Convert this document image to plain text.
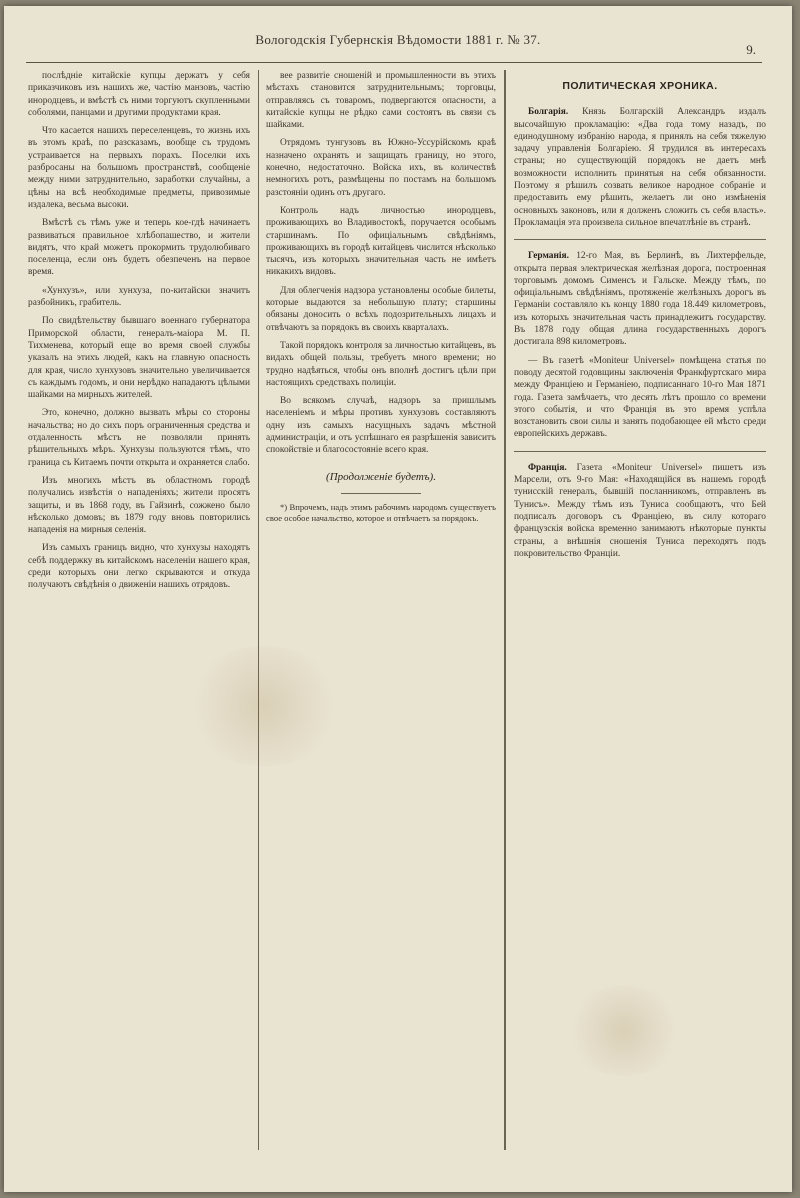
Вологодскія Губернскія Вѣдомости 1881 г. № 37.
9.

послѣдніе китайскіе купцы держатъ у себя приказчиковъ изъ нашихъ же, частію манзовъ, частію инородцевъ, и вмѣстѣ съ ними торгуютъ скупленными соболями, панцами и другими продуктами края.

Что касается нашихъ переселенцевъ, то жизнь ихъ въ этомъ краѣ, по разсказамъ, вообще съ трудомъ устраивается на первыхъ порахъ. Поселки ихъ разбросаны на большомъ пространствѣ, сообщеніе между ними затруднительно, заработки случайны, а цѣны на всѣ необходимые предметы, привозимые издалека, весьма высоки.

Вмѣстѣ съ тѣмъ уже и теперь кое-гдѣ начинаетъ развиваться правильное хлѣбопашество, и жители видятъ, что край можетъ прокормить трудолюбиваго поселенца, если онъ будетъ обезпеченъ на первое время.

«Хунхузъ», или хунхуза, по-китайски значитъ разбойникъ, грабитель.

По свидѣтельству бывшаго военнаго губернатора Приморской области, генералъ-маіора М. П. Тихменева, который еще во время своей службы указалъ на этихъ людей, какъ на главную опасность для края, число хунхузовъ значительно увеличивается съ каждымъ годомъ, и они нерѣдко нападаютъ цѣлыми шайками на мирныхъ жителей.

Это, конечно, должно вызвать мѣры со стороны начальства; но до сихъ поръ ограниченныя средства и отдаленность мѣстъ не позволяли принять рѣшительныхъ мѣръ. Хунхузы пользуются тѣмъ, что граница съ Китаемъ почти открыта и охраняется слабо.

Изъ многихъ мѣстъ въ областномъ городѣ получались извѣстія о нападеніяхъ; жители просятъ защиты, и въ 1868 году, въ Гайзинѣ, сожжено было нѣсколько домовъ; въ 1879 году вновь повторились нападенія на мирныя селенія.

Изъ самыхъ границъ видно, что хунхузы находятъ себѣ поддержку въ китайскомъ населеніи нашего края, среди которыхъ они легко скрываются и откуда получаютъ свѣдѣнія о движеніи нашихъ отрядовъ.

вее развитіе сношеній и промышленности въ этихъ мѣстахъ становится затруднительнымъ; торговцы, отправляясь съ товаромъ, подвергаются опасности, а китайскіе купцы не рѣдко сами состоятъ въ связи съ шайками.

Отрядомъ тунгузовъ въ Южно-Уссурійскомъ краѣ назначено охранять и защищать границу, но этого, конечно, недостаточно. Войска ихъ, въ количествѣ немногихъ ротъ, размѣщены по постамъ на большомъ разстояніи одинъ отъ другаго.

Контроль надъ личностью инородцевъ, проживающихъ во Владивостокѣ, поручается особымъ старшинамъ. По офиціальнымъ свѣдѣніямъ, проживающихъ въ городѣ китайцевъ числится нѣсколько тысячъ, изъ которыхъ значительная часть не имѣетъ никакихъ видовъ.

Для облегченія надзора установлены особые билеты, которые выдаются за небольшую плату; старшины обязаны доносить о всѣхъ подозрительныхъ лицахъ и отвѣчаютъ за порядокъ въ своихъ кварталахъ.

Такой порядокъ контроля за личностью китайцевъ, въ видахъ общей пользы, требуетъ много времени; но трудно надѣяться, чтобы онъ вполнѣ достигъ цѣли при настоящихъ средствахъ полиціи.

Во всякомъ случаѣ, надзоръ за пришлымъ населеніемъ и мѣры противъ хунхузовъ составляютъ одну изъ самыхъ насущныхъ задачъ мѣстной администраціи, и отъ успѣшнаго ея разрѣшенія зависитъ спокойствіе и благосостояніе всего края.

(Продолженіе будетъ).

*) Впрочемъ, надъ этимъ рабочимъ народомъ существуетъ свое особое начальство, которое и отвѣчаетъ за порядокъ.

ПОЛИТИЧЕСКАЯ ХРОНИКА.

Болгарія. Князь Болгарскій Александръ издалъ высочайшую прокламацію: «Два года тому назадъ, по единодушному избранію народа, я принялъ на себя тяжелую задачу управленія Болгаріею. Я трудился въ интересахъ страны; но существующій порядокъ не даетъ мнѣ возможности исполнить принятыя на себя обязанности. Поэтому я рѣшилъ созвать великое народное собраніе и предоставить ему рѣшить, желаетъ ли оно измѣненія основныхъ законовъ, или я долженъ сложить съ себя власть». Прокламація эта произвела сильное впечатлѣніе въ странѣ.

Германія. 12-го Мая, въ Берлинѣ, въ Лихтерфельде, открыта первая электрическая желѣзная дорога, построенная торговымъ домомъ Сименсъ и Гальске. Между тѣмъ, по офиціальнымъ свѣдѣніямъ, протяженіе желѣзныхъ дорогъ въ Германіи составляло къ концу 1880 года 18.449 километровъ, изъ которыхъ значительная часть принадлежитъ государству. Въ 1878 году общая длина государственныхъ дорогъ достигала 898 километровъ.

— Въ газетѣ «Moniteur Universel» помѣщена статья по поводу десятой годовщины заключенія Франкфуртскаго мира между Франціею и Германіею, подписаннаго 10-го Мая 1871 года. Газета замѣчаетъ, что десять лѣтъ прошло со времени этого событія, и что Франція въ это время успѣла возстановить свои силы и занять подобающее ей мѣсто среди европейскихъ державъ.

Франція. Газета «Moniteur Universel» пишетъ изъ Марсели, отъ 9-го Мая: «Находящійся въ нашемъ городѣ тунисскій генералъ, бывшій посланникомъ, отправленъ въ Тунисъ». Между тѣмъ изъ Туниса сообщаютъ, что Бей подписалъ договоръ съ Франціею, въ силу котораго французскія войска временно занимаютъ нѣкоторые пункты страны, а внѣшнія сношенія Туниса переходятъ подъ покровительство Франціи.
